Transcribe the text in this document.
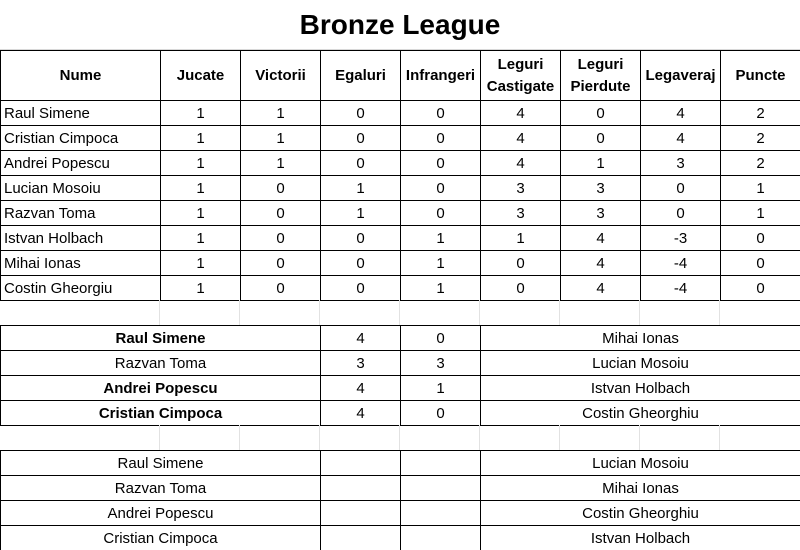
Bronze League
Nume	Jucate	Victorii	Egaluri	Infrangeri	Leguri Castigate	Leguri Pierdute	Legaveraj	Puncte
Raul Simene	1	1	0	0	4	0	4	2
Cristian Cimpoca	1	1	0	0	4	0	4	2
Andrei Popescu	1	1	0	0	4	1	3	2
Lucian Mosoiu	1	0	1	0	3	3	0	1
Razvan Toma	1	0	1	0	3	3	0	1
Istvan Holbach	1	0	0	1	1	4	-3	0
Mihai Ionas	1	0	0	1	0	4	-4	0
Costin Gheorgiu	1	0	0	1	0	4	-4	0
Raul Simene	4	0	Mihai Ionas
Razvan Toma	3	3	Lucian Mosoiu
Andrei Popescu	4	1	Istvan Holbach
Cristian Cimpoca	4	0	Costin Gheorghiu
Raul Simene			Lucian Mosoiu
Razvan Toma			Mihai Ionas
Andrei Popescu			Costin Gheorghiu
Cristian Cimpoca			Istvan Holbach
